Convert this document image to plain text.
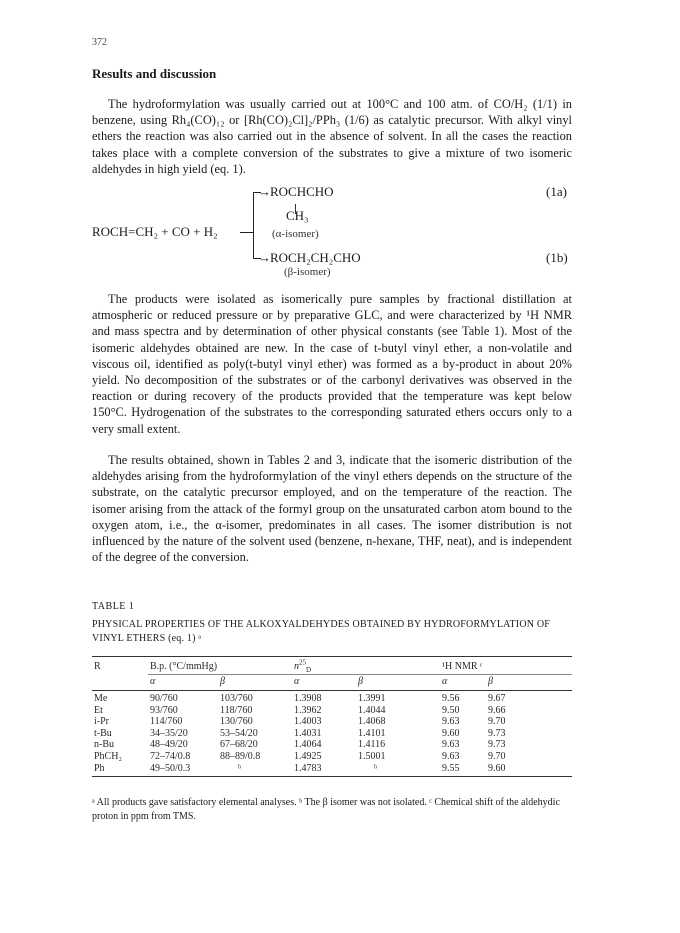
372
Results and discussion

The hydroformylation was usually carried out at 100°C and 100 atm. of CO/H₂ (1/1) in benzene, using Rh₄(CO)₁₂ or [Rh(CO)₂Cl]₂/PPh₃ (1/6) as catalytic precursor. With alkyl vinyl ethers the reaction was also carried out in the absence of solvent. In all the cases the reaction takes place with a complete conversion of the substrates to give a mixture of two isomeric aldehydes in high yield (eq. 1).

ROCH=CH₂ + CO + H₂
→ ROCHCHO
CH₃
(α-isomer)
→ ROCH₂CH₂CHO
(β-isomer)
(1a)
(1b)

The products were isolated as isomerically pure samples by fractional distillation at atmospheric or reduced pressure or by preparative GLC, and were characterized by ¹H NMR and mass spectra and by determination of other physical constants (see Table 1). Most of the isomeric aldehydes obtained are new. In the case of t-butyl vinyl ether, a non-volatile and viscous oil, identified as poly(t-butyl vinyl ether) was formed as a by-product in about 20% yield. No decomposition of the substrates or of the carbonyl derivatives was observed in the reaction or during recovery of the products provided that the temperature was kept below 150°C. Hydrogenation of the substrates to the corresponding saturated ethers occurs only to a very small extent.

The results obtained, shown in Tables 2 and 3, indicate that the isomeric distribution of the aldehydes arising from the hydroformylation of the vinyl ethers depends on the structure of the substrate, on the catalytic precursor employed, and on the temperature of the reaction. The isomer arising from the attack of the formyl group on the unsaturated carbon atom bound to the oxygen atom, i.e., the α-isomer, predominates in all cases. The isomer distribution is not influenced by the nature of the solvent used (benzene, n-hexane, THF, neat), and is independent of the degree of the conversion.

TABLE 1
PHYSICAL PROPERTIES OF THE ALKOXYALDEHYDES OBTAINED BY HYDROFORMYLATION OF VINYL ETHERS (eq. 1) ᵃ
R	B.p. (°C/mmHg)		$n^{25}_D$		¹H NMR ᶜ	
	α	β	α	β	α	β
Me	90/760	103/760	1.3908	1.3991	9.56	9.67
Et	93/760	118/760	1.3962	1.4044	9.50	9.66
i-Pr	114/760	130/760	1.4003	1.4068	9.63	9.70
t-Bu	34–35/20	53–54/20	1.4031	1.4101	9.60	9.73
n-Bu	48–49/20	67–68/20	1.4064	1.4116	9.63	9.73
PhCH₂	72–74/0.8	88–89/0.8	1.4925	1.5001	9.63	9.70
Ph	49–50/0.3	ᵇ	1.4783	ᵇ	9.55	9.60
ᵃ All products gave satisfactory elemental analyses. ᵇ The β isomer was not isolated. ᶜ Chemical shift of the aldehydic proton in ppm from TMS.
